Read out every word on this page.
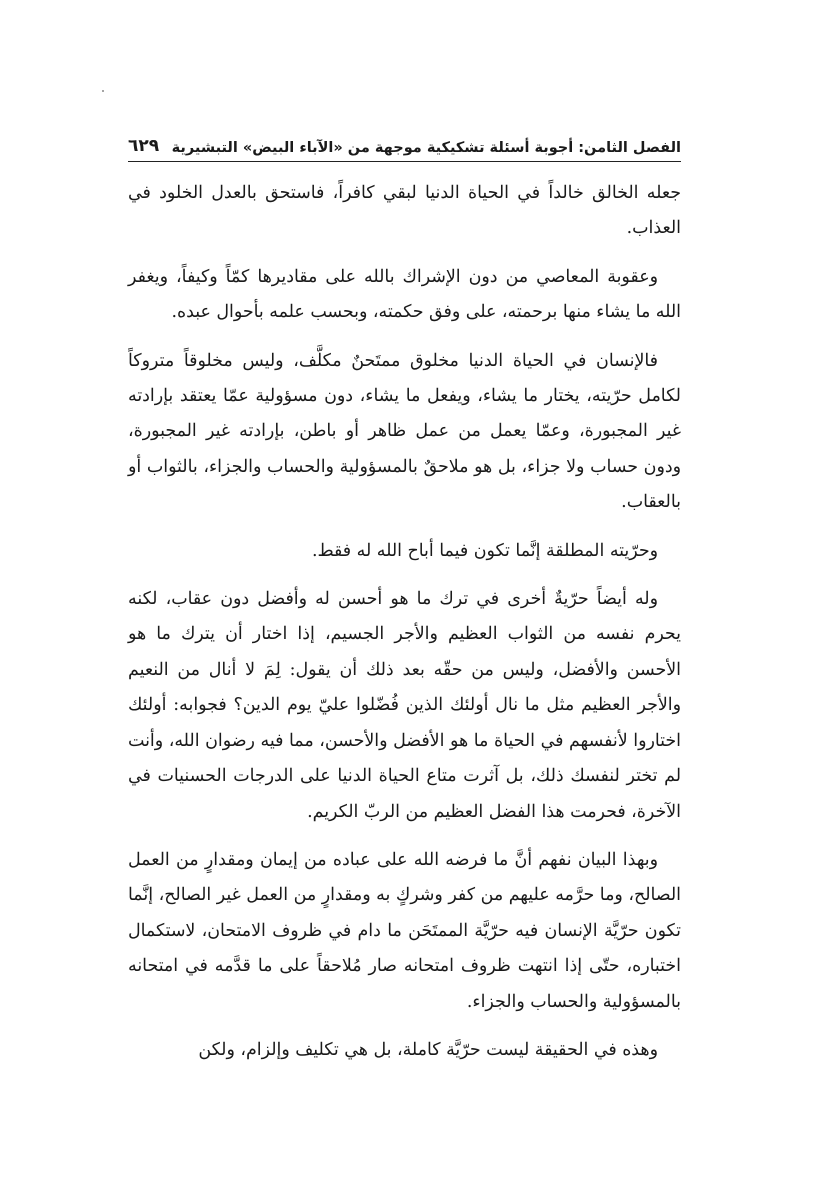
الفصل الثامن: أجوبة أسئلة تشكيكية موجهة من «الآباء البيض» التبشيرية
٦٢٩

جعله الخالق خالداً في الحياة الدنيا لبقي كافراً، فاستحق بالعدل الخلود في العذاب.

وعقوبة المعاصي من دون الإشراك بالله على مقاديرها كمّاً وكيفاً، ويغفر الله ما يشاء منها برحمته، على وفق حكمته، وبحسب علمه بأحوال عبده.

فالإنسان في الحياة الدنيا مخلوق ممتَحنٌ مكلَّف، وليس مخلوقاً متروكاً لكامل حرّيته، يختار ما يشاء، ويفعل ما يشاء، دون مسؤولية عمّا يعتقد بإرادته غير المجبورة، وعمّا يعمل من عمل ظاهر أو باطن، بإرادته غير المجبورة، ودون حساب ولا جزاء، بل هو ملاحقٌ بالمسؤولية والحساب والجزاء، بالثواب أو بالعقاب.

وحرّيته المطلقة إنَّما تكون فيما أباح الله له فقط.

وله أيضاً حرّيةٌ أخرى في ترك ما هو أحسن له وأفضل دون عقاب، لكنه يحرم نفسه من الثواب العظيم والأجر الجسيم، إذا اختار أن يترك ما هو الأحسن والأفضل، وليس من حقّه بعد ذلك أن يقول: لِمَ لا أنال من النعيم والأجر العظيم مثل ما نال أولئك الذين فُضّلوا عليّ يوم الدين؟ فجوابه: أولئك اختاروا لأنفسهم في الحياة ما هو الأفضل والأحسن، مما فيه رضوان الله، وأنت لم تختر لنفسك ذلك، بل آثرت متاع الحياة الدنيا على الدرجات الحسنيات في الآخرة، فحرمت هذا الفضل العظيم من الربّ الكريم.

وبهذا البيان نفهم أنَّ ما فرضه الله على عباده من إيمان ومقدارٍ من العمل الصالح، وما حرَّمه عليهم من كفر وشركٍ به ومقدارٍ من العمل غير الصالح، إنَّما تكون حرّيَّة الإنسان فيه حرّيَّة الممتَحَن ما دام في ظروف الامتحان، لاستكمال اختباره، حتّى إذا انتهت ظروف امتحانه صار مُلاحقاً على ما قدَّمه في امتحانه بالمسؤولية والحساب والجزاء.

وهذه في الحقيقة ليست حرّيَّة كاملة، بل هي تكليف وإلزام، ولكن
